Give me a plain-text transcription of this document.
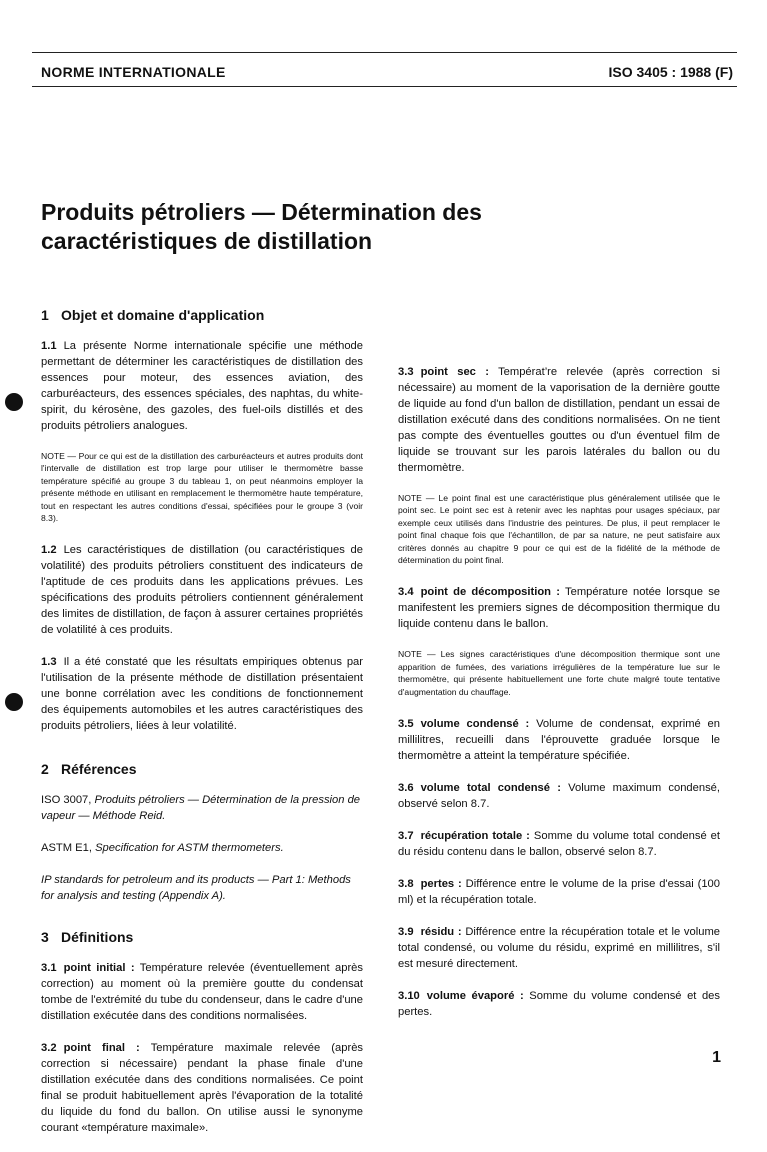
NORME INTERNATIONALE	ISO 3405 : 1988 (F)
Produits pétroliers — Détermination des
caractéristiques de distillation
1 Objet et domaine d'application

1.1 La présente Norme internationale spécifie une méthode permettant de déterminer les caractéristiques de distillation des essences pour moteur, des essences aviation, des carburéacteurs, des essences spéciales, des naphtas, du white-spirit, du kérosène, des gazoles, des fuel-oils distillés et des produits pétroliers analogues.

NOTE — Pour ce qui est de la distillation des carburéacteurs et autres produits dont l'intervalle de distillation est trop large pour utiliser le thermomètre basse température spécifié au groupe 3 du tableau 1, on peut néanmoins employer la présente méthode en utilisant en remplacement le thermomètre haute température, tout en respectant les autres conditions d'essai, spécifiées pour le groupe 3 (voir 8.3).

1.2 Les caractéristiques de distillation (ou caractéristiques de volatilité) des produits pétroliers constituent des indicateurs de l'aptitude de ces produits dans les applications prévues. Les spécifications des produits pétroliers contiennent généralement des limites de distillation, de façon à assurer certaines propriétés de volatilité à ces produits.

1.3 Il a été constaté que les résultats empiriques obtenus par l'utilisation de la présente méthode de distillation présentaient une bonne corrélation avec les conditions de fonctionnement des équipements automobiles et les autres caractéristiques des produits pétroliers, liées à leur volatilité.

2 Références

ISO 3007, Produits pétroliers — Détermination de la pression de vapeur — Méthode Reid.

ASTM E1, Specification for ASTM thermometers.

IP standards for petroleum and its products — Part 1: Methods for analysis and testing (Appendix A).

3 Définitions

3.1 point initial : Température relevée (éventuellement après correction) au moment où la première goutte du condensat tombe de l'extrémité du tube du condenseur, dans le cadre d'une distillation exécutée dans des conditions normalisées.

3.2 point final : Température maximale relevée (après correction si nécessaire) pendant la phase finale d'une distillation exécutée dans des conditions normalisées. Ce point final se produit habituellement après l'évaporation de la totalité du liquide du fond du ballon. On utilise aussi le synonyme courant «température maximale».

3.3 point sec : Températ’re relevée (après correction si nécessaire) au moment de la vaporisation de la dernière goutte de liquide au fond d'un ballon de distillation, pendant un essai de distillation exécuté dans des conditions normalisées. On ne tient pas compte des éventuelles gouttes ou d'un éventuel film de liquide se trouvant sur les parois latérales du ballon ou du thermomètre.

NOTE — Le point final est une caractéristique plus généralement utilisée que le point sec. Le point sec est à retenir avec les naphtas pour usages spéciaux, par exemple ceux utilisés dans l'industrie des peintures. De plus, il peut remplacer le point final chaque fois que l'échantillon, de par sa nature, ne peut satisfaire aux critères donnés au chapitre 9 pour ce qui est de la fidélité de la méthode de détermination du point final.

3.4 point de décomposition : Température notée lorsque se manifestent les premiers signes de décomposition thermique du liquide contenu dans le ballon.

NOTE — Les signes caractéristiques d'une décomposition thermique sont une apparition de fumées, des variations irrégulières de la température lue sur le thermomètre, qui présente habituellement une forte chute malgré toute tentative d'augmentation du chauffage.

3.5 volume condensé : Volume de condensat, exprimé en millilitres, recueilli dans l'éprouvette graduée lorsque le thermomètre a atteint la température spécifiée.

3.6 volume total condensé : Volume maximum condensé, observé selon 8.7.

3.7 récupération totale : Somme du volume total condensé et du résidu contenu dans le ballon, observé selon 8.7.

3.8 pertes : Différence entre le volume de la prise d'essai (100 ml) et la récupération totale.

3.9 résidu : Différence entre la récupération totale et le volume total condensé, ou volume du résidu, exprimé en millilitres, s'il est mesuré directement.

3.10 volume évaporé : Somme du volume condensé et des pertes.

1
